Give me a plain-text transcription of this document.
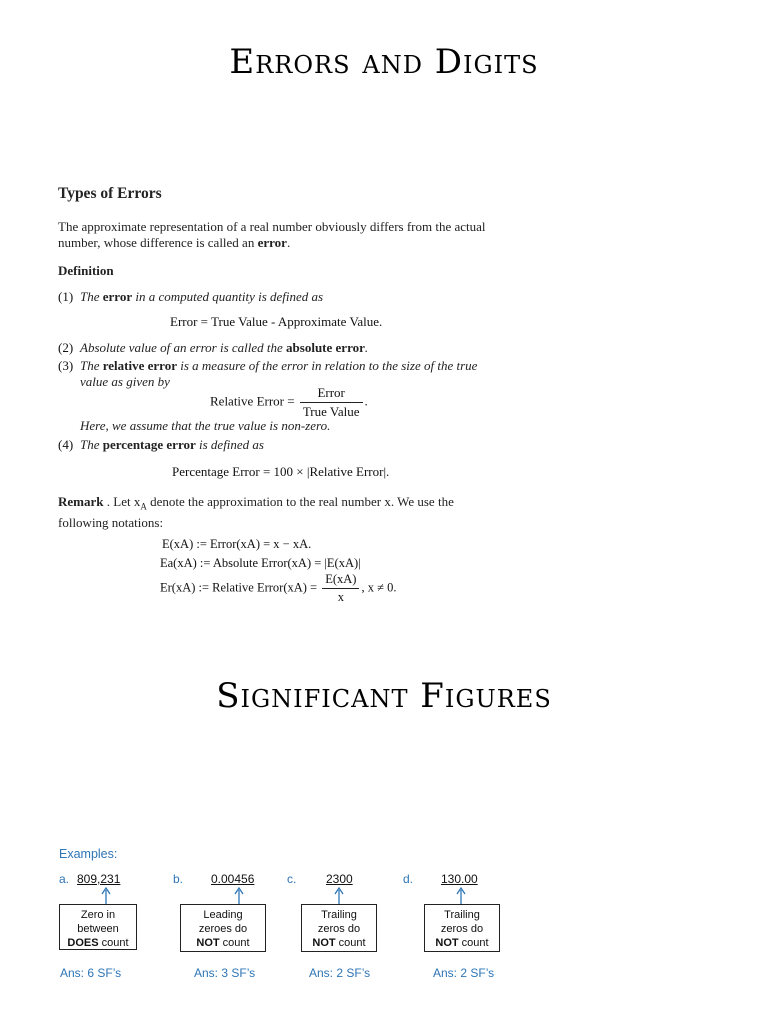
Errors and Digits
Types of Errors
The approximate representation of a real number obviously differs from the actual
number, whose difference is called an error.
Definition
(1) The error in a computed quantity is defined as
Error = True Value - Approximate Value.
(2) Absolute value of an error is called the absolute error.
(3) The relative error is a measure of the error in relation to the size of the true
value as given by
Relative Error = $\frac{\text{Error}}{\text{True Value}}$ .
Here, we assume that the true value is non-zero.
(4) The percentage error is defined as
Percentage Error = 100 × |Relative Error|.
Remark . Let $x_A$ denote the approximation to the real number x. We use the
following notations:
E(xA) := Error(xA) = x − xA.
Ea(xA) := Absolute Error(xA) = |E(xA)|
Er(xA) := Relative Error(xA) = $\frac{E(xA)}{x}$ , x ≠ 0.
Significant Figures
Examples:
a. 809,231
Zero in
between
DOES count
Ans: 6 SF’s
b. 0.00456
Leading
zeroes do
NOT count
Ans: 3 SF’s
c. 2300
Trailing
zeros do
NOT count
Ans: 2 SF’s
d. 130.00
Trailing
zeros do
NOT count
Ans: 2 SF’s
